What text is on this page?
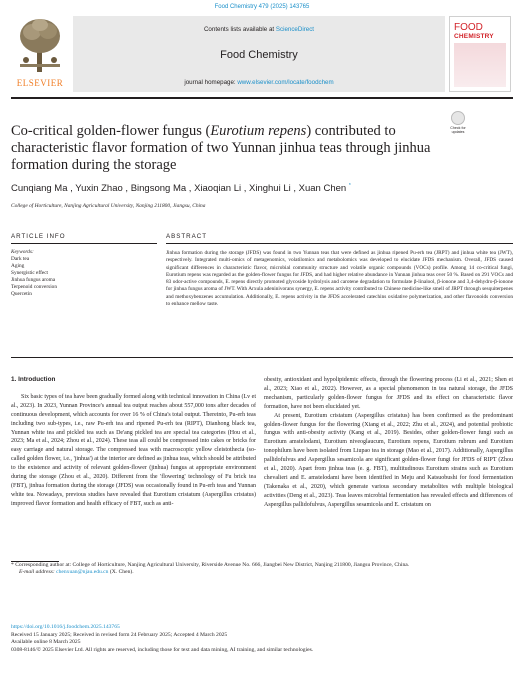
Food Chemistry 479 (2025) 143765
ELSEVIER
Contents lists available at ScienceDirect
Food Chemistry
journal homepage: www.elsevier.com/locate/foodchem
FOOD
CHEMISTRY
Check for updates
Co-critical golden-flower fungus (Eurotium repens) contributed to characteristic flavor formation of two Yunnan jinhua teas through jinhua formation during the storage
Cunqiang Ma , Yuxin Zhao , Bingsong Ma , Xiaoqian Li , Xinghui Li , Xuan Chen *
College of Horticulture, Nanjing Agricultural University, Nanjing 211800, Jiangsu, China
ARTICLE INFO	ABSTRACT
Keywords:
Dark tea
Aging
Synergistic effect
Jinhua fungus aroma
Terpenoid conversion
Quercetin
Jinhua formation during the storage (JFDS) was found in two Yunnan teas that were defined as jinhua ripened Pu-erh tea (JRPT) and jinhua white tea (JWT), respectively. Integrated multi-omics of metagenomics, volatilomics and metabolomics was developed to elucidate JFDS mechanism. Overall, JFDS caused significant differences in characteristic flavor, microbial community structure and volatile organic compounds (VOCs) profile. Among 14 co-critical fungi, Eurotium repens was regarded as the golden-flower fungus for JFDS, and had higher relative abundance in Yunnan jinhua teas over 50 %. Based on 291 VOCs and 83 odor-active compounds, E. repens directly promoted glycoside hydrolysis and carotene degradation to formulate β-linalool, β-ionone and 3,4-dehydro-β-ionone for jinhua fungus aroma of JWT. With Arxula adeninivorans synergy, E. repens activity contributed to Chinese medicine-like smell of JRPT through sesquiterpenes and methoxybenzenes accumulation. Additionally, E. repens activity in the JFDS accelerated catechins oxidative polymerization, and other flavonoids conversion to enhance mellow taste.
1. Introduction

Six basic types of tea have been gradually formed along with technical innovation in China (Lv et al., 2023). In 2023, Yunnan Province's annual tea output reaches about 557,000 tons after decades of continuous development, which accounts for over 16 % of China's total output. Thereinto, Pu-erh teas including two sub-types, i.e., raw Pu-erh tea and ripened Pu-erh tea (RIPT), Dianhong black tea, Yunnan white tea and pickled tea such as De'ang pickled tea are special tea categories (Hou et al., 2023; Ma et al., 2024; Zhou et al., 2024). These teas all could be compressed into cakes or bricks for easy carriage and natural storage. The compressed teas with macroscopic yellow cleistothecia (so-called golden flower, i.e., 'jinhua') at the interior are defined as jinhua teas, which should be attributed to the existence and activity of relevant golden-flower (jinhua) fungus at appropriate environment during the storage (Zhou et al., 2020). Different from the 'flowering' technology of Fu brick tea (FBT), jinhua formation during the storage (JFDS) was occasionally found in Pu-erh teas and Yunnan white tea. Nowadays, previous studies have revealed that Eurotium cristatum (Aspergillus cristatus) improved flavor formation and health efficacy of FBT, such as anti-

obesity, antioxidant and hypolipidemic effects, through the flowering process (Li et al., 2021; Shen et al., 2023; Xiao et al., 2022). However, as a special phenomenon in tea natural storage, the JFDS mechanism, particularly golden-flower fungus for JFDS and its effect on characteristic flavor formation, have not been elucidated yet.

At present, Eurotium cristatum (Aspergillus cristatus) has been confirmed as the predominant golden-flower fungus for the flowering (Xiang et al., 2022; Zhu et al., 2024), and potential probiotic fungus with anti-obesity activity (Kang et al., 2019). Besides, other golden-flower fungi such as Eurotium amstelodami, Eurotium niveoglaucum, Eurotium repens, Eurotium rubrum and Eurotium tonophilum have been isolated from Liupao tea in storage (Mao et al., 2017). Additionally, Aspergillus pallidofulvus and Aspergillus sesamicola are significant golden-flower fungi for JFDS of RIPT (Zhou et al., 2020). Apart from jinhua teas (e. g. FBT), multitudinous Eurotium strains such as Eurotium chevalieri and E. amstelodami have been identified in Meju and Katsuobushi for food fermentation (Takenaka et al., 2020), which generate various secondary metabolites with multiple biological activities (Deng et al., 2023). Teas leaves microbial fermentation has revealed effects and differences of Aspergillus pallidofulvus, Aspergillus sesamicola and E. cristatum on

* Corresponding author at: College of Horticulture, Nanjing Agricultural University, Riverside Avenue No. 666, Jiangbei New District, Nanjing 211800, Jiangsu Province, China.
E-mail address: chenxuan@njau.edu.cn (X. Chen).
https://doi.org/10.1016/j.foodchem.2025.143765
Received 15 January 2025; Received in revised form 24 February 2025; Accepted 4 March 2025
Available online 8 March 2025
0308-8146/© 2025 Elsevier Ltd. All rights are reserved, including those for text and data mining, AI training, and similar technologies.
